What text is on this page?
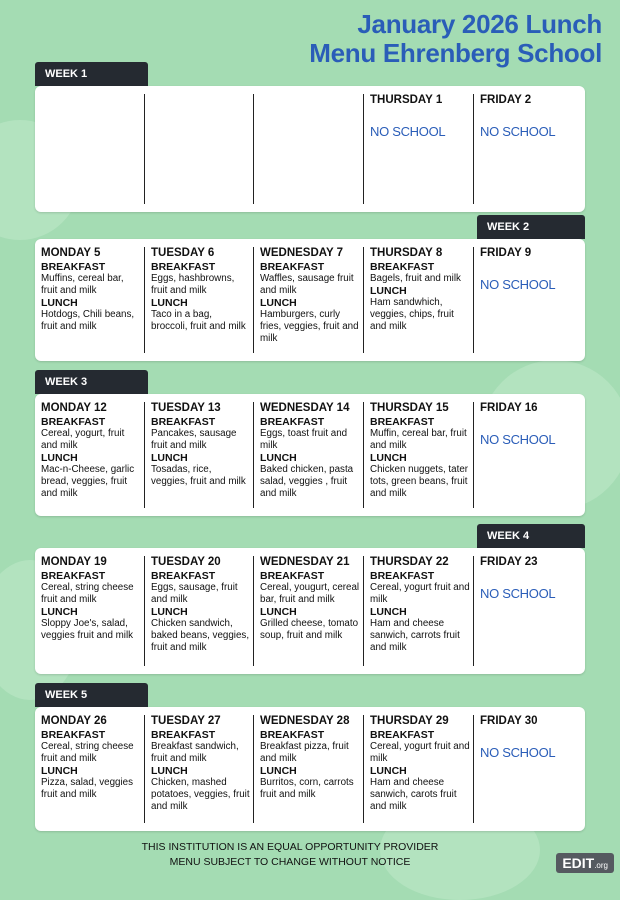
January 2026 Lunch
Menu Ehrenberg School
WEEK 1
THURSDAY 1
NO SCHOOL
FRIDAY 2
NO SCHOOL
WEEK 2
MONDAY 5
BREAKFAST
Muffins, cereal bar, fruit and milk
LUNCH
Hotdogs, Chili beans, fruit and milk
TUESDAY 6
BREAKFAST
Eggs, hashbrowns, fruit and milk
LUNCH
Taco in a bag, broccoli, fruit and milk
WEDNESDAY 7
BREAKFAST
Waffles, sausage fruit and milk
LUNCH
Hamburgers, curly fries, veggies, fruit and milk
THURSDAY 8
BREAKFAST
Bagels, fruit and milk
LUNCH
Ham sandwhich, veggies, chips, fruit and milk
FRIDAY 9
NO SCHOOL
WEEK 3
MONDAY 12
BREAKFAST
Cereal, yogurt, fruit and milk
LUNCH
Mac-n-Cheese, garlic bread, veggies, fruit and milk
TUESDAY 13
BREAKFAST
Pancakes, sausage fruit and milk
LUNCH
Tosadas, rice, veggies, fruit and milk
WEDNESDAY 14
BREAKFAST
Eggs, toast fruit and milk
LUNCH
Baked chicken, pasta salad, veggies , fruit and milk
THURSDAY 15
BREAKFAST
Muffin, cereal bar, fruit and milk
LUNCH
Chicken nuggets, tater tots, green beans, fruit and milk
FRIDAY 16
NO SCHOOL
WEEK 4
MONDAY 19
BREAKFAST
Cereal, string cheese fruit and milk
LUNCH
Sloppy Joe's, salad, veggies fruit and milk
TUESDAY 20
BREAKFAST
Eggs, sausage, fruit and milk
LUNCH
Chicken sandwich, baked beans, veggies, fruit and milk
WEDNESDAY 21
BREAKFAST
Cereal, yougurt, cereal bar, fruit and milk
LUNCH
Grilled cheese, tomato soup, fruit and milk
THURSDAY 22
BREAKFAST
Cereal, yogurt fruit and milk
LUNCH
Ham and cheese sanwich, carrots fruit and milk
FRIDAY 23
NO SCHOOL
WEEK 5
MONDAY 26
BREAKFAST
Cereal, string cheese fruit and milk
LUNCH
Pizza, salad, veggies fruit and milk
TUESDAY 27
BREAKFAST
Breakfast sandwich, fruit and milk
LUNCH
Chicken, mashed potatoes, veggies, fruit and milk
WEDNESDAY 28
BREAKFAST
Breakfast pizza, fruit and milk
LUNCH
Burritos, corn, carrots fruit and milk
THURSDAY 29
BREAKFAST
Cereal, yogurt fruit and milk
LUNCH
Ham and cheese sanwich, carots fruit and milk
FRIDAY 30
NO SCHOOL
THIS INSTITUTION IS AN EQUAL OPPORTUNITY PROVIDER
MENU SUBJECT TO CHANGE WITHOUT NOTICE	EDIT.org
